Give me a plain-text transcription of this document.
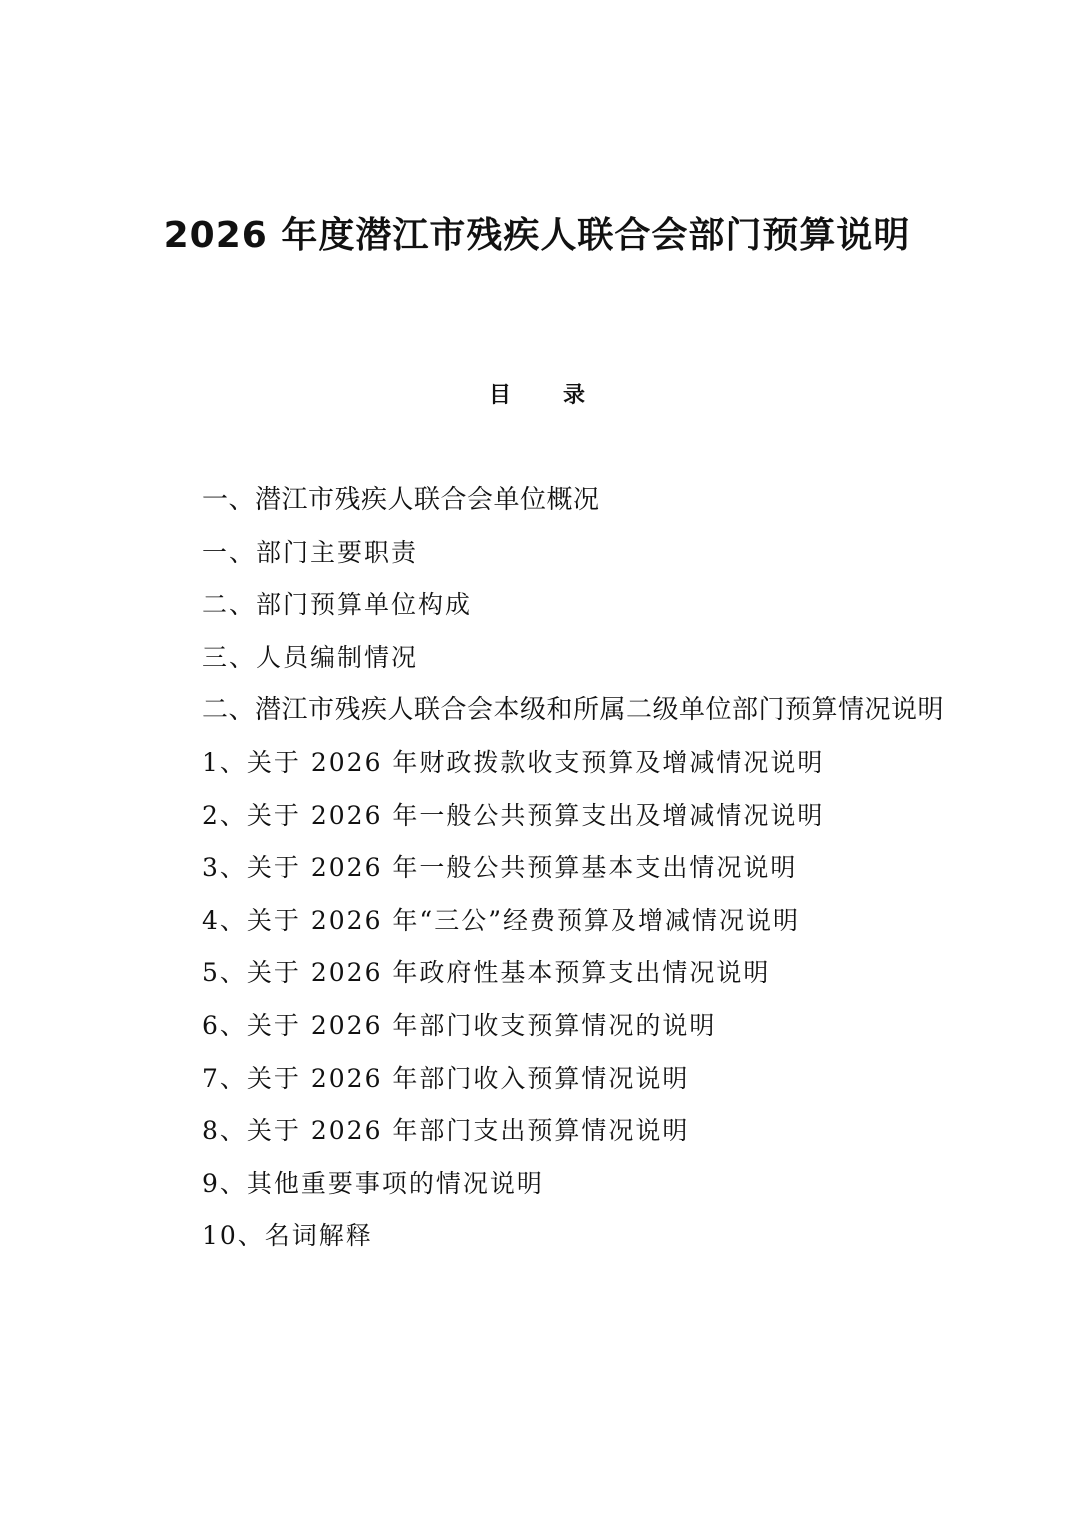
2026 年度潜江市残疾人联合会部门预算说明
目 录
一、潜江市残疾人联合会单位概况
一、部门主要职责
二、部门预算单位构成
三、人员编制情况
二、潜江市残疾人联合会本级和所属二级单位部门预算情况说明
1、关于 2026 年财政拨款收支预算及增减情况说明
2、关于 2026 年一般公共预算支出及增减情况说明
3、关于 2026 年一般公共预算基本支出情况说明
4、关于 2026 年“三公”经费预算及增减情况说明
5、关于 2026 年政府性基本预算支出情况说明
6、关于 2026 年部门收支预算情况的说明
7、关于 2026 年部门收入预算情况说明
8、关于 2026 年部门支出预算情况说明
9、其他重要事项的情况说明
10、名词解释
